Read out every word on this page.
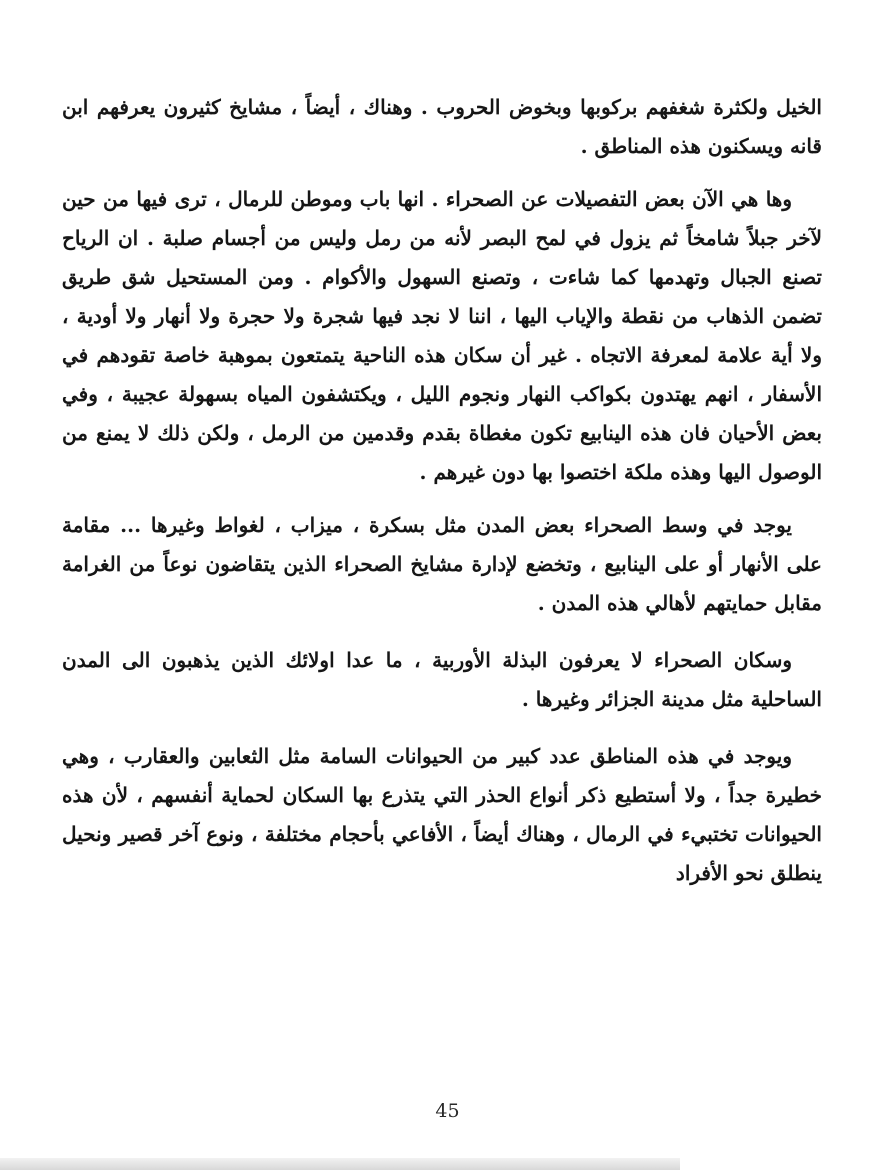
الخيل ولكثرة شغفهم بركوبها وبخوض الحروب . وهناك ، أيضاً ، مشايخ كثيرون يعرفهم ابن قانه ويسكنون هذه المناطق .

وها هي الآن بعض التفصيلات عن الصحراء . انها باب وموطن للرمال ، ترى فيها من حين لآخر جبلاً شامخاً ثم يزول في لمح البصر لأنه من رمل وليس من أجسام صلبة . ان الرياح تصنع الجبال وتهدمها كما شاءت ، وتصنع السهول والأكوام . ومن المستحيل شق طريق تضمن الذهاب من نقطة والإياب اليها ، اننا لا نجد فيها شجرة ولا حجرة ولا أنهار ولا أودية ، ولا أية علامة لمعرفة الاتجاه . غير أن سكان هذه الناحية يتمتعون بموهبة خاصة تقودهم في الأسفار ، انهم يهتدون بكواكب النهار ونجوم الليل ، ويكتشفون المياه بسهولة عجيبة ، وفي بعض الأحيان فان هذه الينابيع تكون مغطاة بقدم وقدمين من الرمل ، ولكن ذلك لا يمنع من الوصول اليها وهذه ملكة اختصوا بها دون غيرهم .

يوجد في وسط الصحراء بعض المدن مثل بسكرة ، ميزاب ، لغواط وغيرها ... مقامة على الأنهار أو على الينابيع ، وتخضع لإدارة مشايخ الصحراء الذين يتقاضون نوعاً من الغرامة مقابل حمايتهم لأهالي هذه المدن .

وسكان الصحراء لا يعرفون البذلة الأوربية ، ما عدا اولائك الذين يذهبون الى المدن الساحلية مثل مدينة الجزائر وغيرها .

ويوجد في هذه المناطق عدد كبير من الحيوانات السامة مثل الثعابين والعقارب ، وهي خطيرة جداً ، ولا أستطيع ذكر أنواع الحذر التي يتذرع بها السكان لحماية أنفسهم ، لأن هذه الحيوانات تختبيء في الرمال ، وهناك أيضاً ، الأفاعي بأحجام مختلفة ، ونوع آخر قصير ونحيل ينطلق نحو الأفراد

45
